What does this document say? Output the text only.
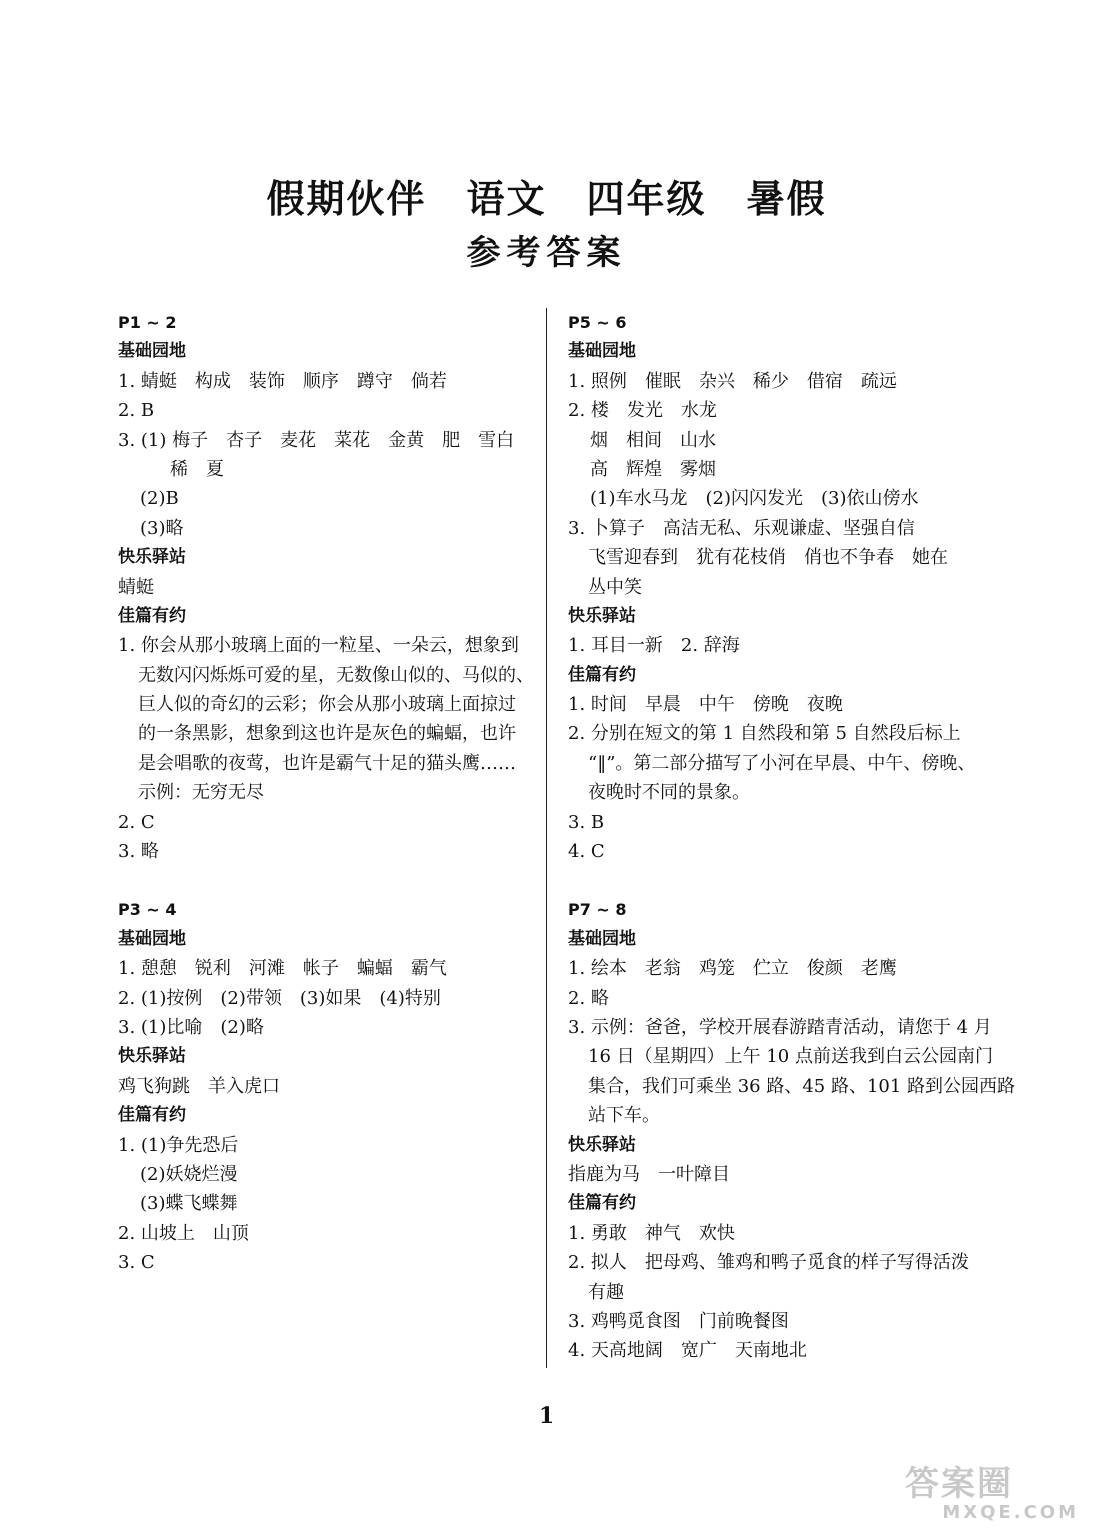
假期伙伴　语文　四年级　暑假
参考答案
P1 ~ 2
基础园地
1. 蜻蜓　构成　装饰　顺序　蹲守　倘若
2. B
3. (1) 梅子　杏子　麦花　菜花　金黄　肥　雪白
稀　夏
(2)B
(3)略
快乐驿站
蜻蜓
佳篇有约
1. 你会从那小玻璃上面的一粒星、一朵云，想象到
无数闪闪烁烁可爱的星，无数像山似的、马似的、
巨人似的奇幻的云彩；你会从那小玻璃上面掠过
的一条黑影，想象到这也许是灰色的蝙蝠，也许
是会唱歌的夜莺，也许是霸气十足的猫头鹰……
示例：无穷无尽
2. C
3. 略
P3 ~ 4
基础园地
1. 憩憩　锐利　河滩　帐子　蝙蝠　霸气
2. (1)按例　(2)带领　(3)如果　(4)特别
3. (1)比喻　(2)略
快乐驿站
鸡飞狗跳　羊入虎口
佳篇有约
1. (1)争先恐后
(2)妖娆烂漫
(3)蝶飞蝶舞
2. 山坡上　山顶
3. C
P5 ~ 6
基础园地
1. 照例　催眠　杂兴　稀少　借宿　疏远
2. 楼　发光　水龙
烟　相间　山水
高　辉煌　雾烟
(1)车水马龙　(2)闪闪发光　(3)依山傍水
3. 卜算子　高洁无私、乐观谦虚、坚强自信
飞雪迎春到　犹有花枝俏　俏也不争春　她在
丛中笑
快乐驿站
1. 耳目一新　2. 辞海
佳篇有约
1. 时间　早晨　中午　傍晚　夜晚
2. 分别在短文的第 1 自然段和第 5 自然段后标上
“‖”。第二部分描写了小河在早晨、中午、傍晚、
夜晚时不同的景象。
3. B
4. C
P7 ~ 8
基础园地
1. 绘本　老翁　鸡笼　伫立　俊颜　老鹰
2. 略
3. 示例：爸爸，学校开展春游踏青活动，请您于 4 月
16 日（星期四）上午 10 点前送我到白云公园南门
集合，我们可乘坐 36 路、45 路、101 路到公园西路
站下车。
快乐驿站
指鹿为马　一叶障目
佳篇有约
1. 勇敢　神气　欢快
2. 拟人　把母鸡、雏鸡和鸭子觅食的样子写得活泼
有趣
3. 鸡鸭觅食图　门前晚餐图
4. 天高地阔　宽广　天南地北
1
答案圈
MXQE.COM
